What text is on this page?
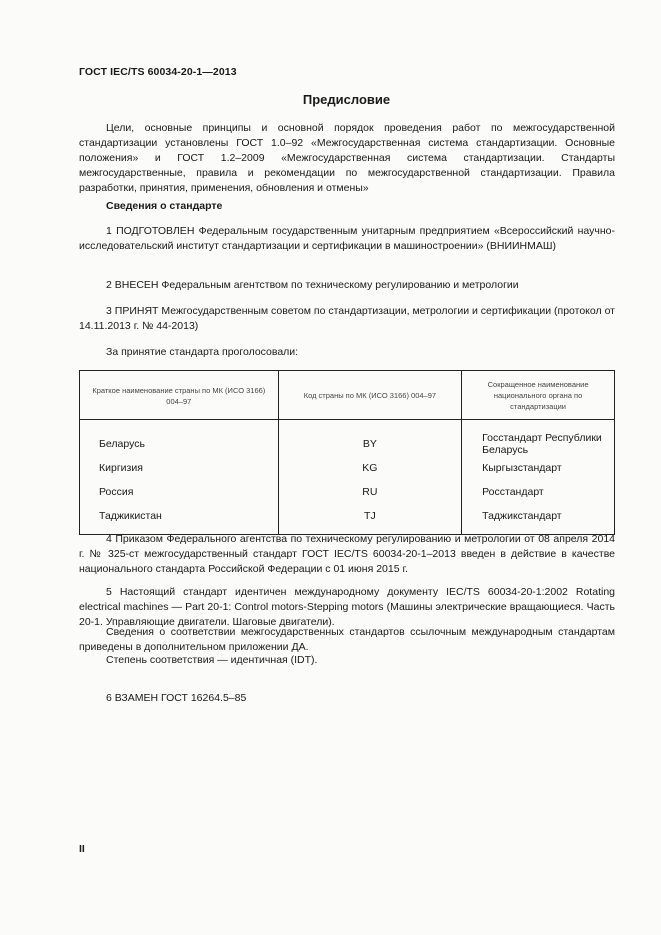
ГОСТ IEC/TS 60034-20-1—2013
Предисловие

Цели, основные принципы и основной порядок проведения работ по межгосударственной стандартизации установлены ГОСТ 1.0–92 «Межгосударственная система стандартизации. Основные положения» и ГОСТ 1.2–2009 «Межгосударственная система стандартизации. Стандарты межгосударственные, правила и рекомендации по межгосударственной стандартизации. Правила разработки, принятия, применения, обновления и отмены»

Сведения о стандарте

1 ПОДГОТОВЛЕН Федеральным государственным унитарным предприятием «Всероссийский научно-исследовательский институт стандартизации и сертификации в машиностроении» (ВНИИНМАШ)

2 ВНЕСЕН Федеральным агентством по техническому регулированию и метрологии

3 ПРИНЯТ Межгосударственным советом по стандартизации, метрологии и сертификации (протокол от 14.11.2013 г. № 44-2013)

За принятие стандарта проголосовали:

Краткое наименование страны по МК (ИСО 3166) 004–97	Код страны по МК (ИСО 3166) 004–97	Сокращенное наименование национального органа по стандартизации
Беларусь	BY	Госстандарт Республики Беларусь
Киргизия	KG	Кыргызстандарт
Россия	RU	Росстандарт
Таджикистан	TJ	Таджикстандарт

4 Приказом Федерального агентства по техническому регулированию и метрологии от 08 апреля 2014 г. № 325-ст межгосударственный стандарт ГОСТ IEC/TS 60034-20-1–2013 введен в действие в качестве национального стандарта Российской Федерации с 01 июня 2015 г.

5 Настоящий стандарт идентичен международному документу IEC/TS 60034-20-1:2002 Rotating electrical machines — Part 20-1: Control motors-Stepping motors (Машины электрические вращающиеся. Часть 20-1. Управляющие двигатели. Шаговые двигатели).

Сведения о соответствии межгосударственных стандартов ссылочным международным стандартам приведены в дополнительном приложении ДА.

Степень соответствия — идентичная (IDT).

6 ВЗАМЕН ГОСТ 16264.5–85

II
